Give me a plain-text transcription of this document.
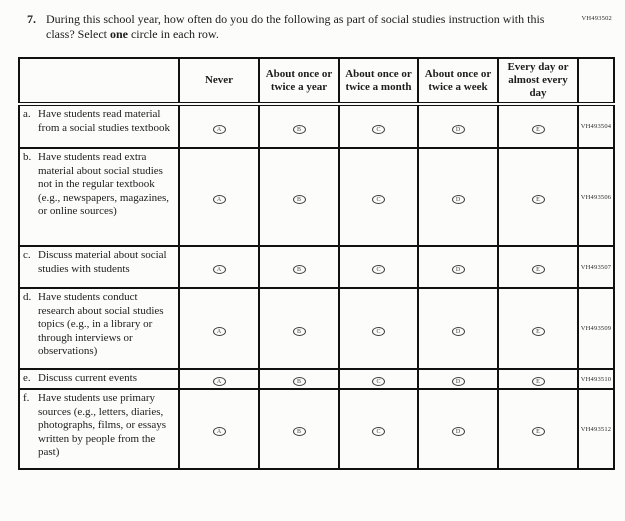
VH493502
7. During this school year, how often do you do the following as part of social studies instruction with this class? Select one circle in each row.
	Never	About once or twice a year	About once or twice a month	About once or twice a week	Every day or almost every day	

a. Have students read material from a social studies textbook	A	B	C	D	E	VH493504

b. Have students read extra material about social studies not in the regular textbook (e.g., newspapers, magazines, or online sources)	A	B	C	D	E	VH493506

c. Discuss material about social studies with students	A	B	C	D	E	VH493507

d. Have students conduct research about social studies topics (e.g., in a library or through interviews or observations)	A	B	C	D	E	VH493509

e. Discuss current events	A	B	C	D	E	VH493510

f. Have students use primary sources (e.g., letters, diaries, photographs, films, or essays written by people from the past)	A	B	C	D	E	VH493512
